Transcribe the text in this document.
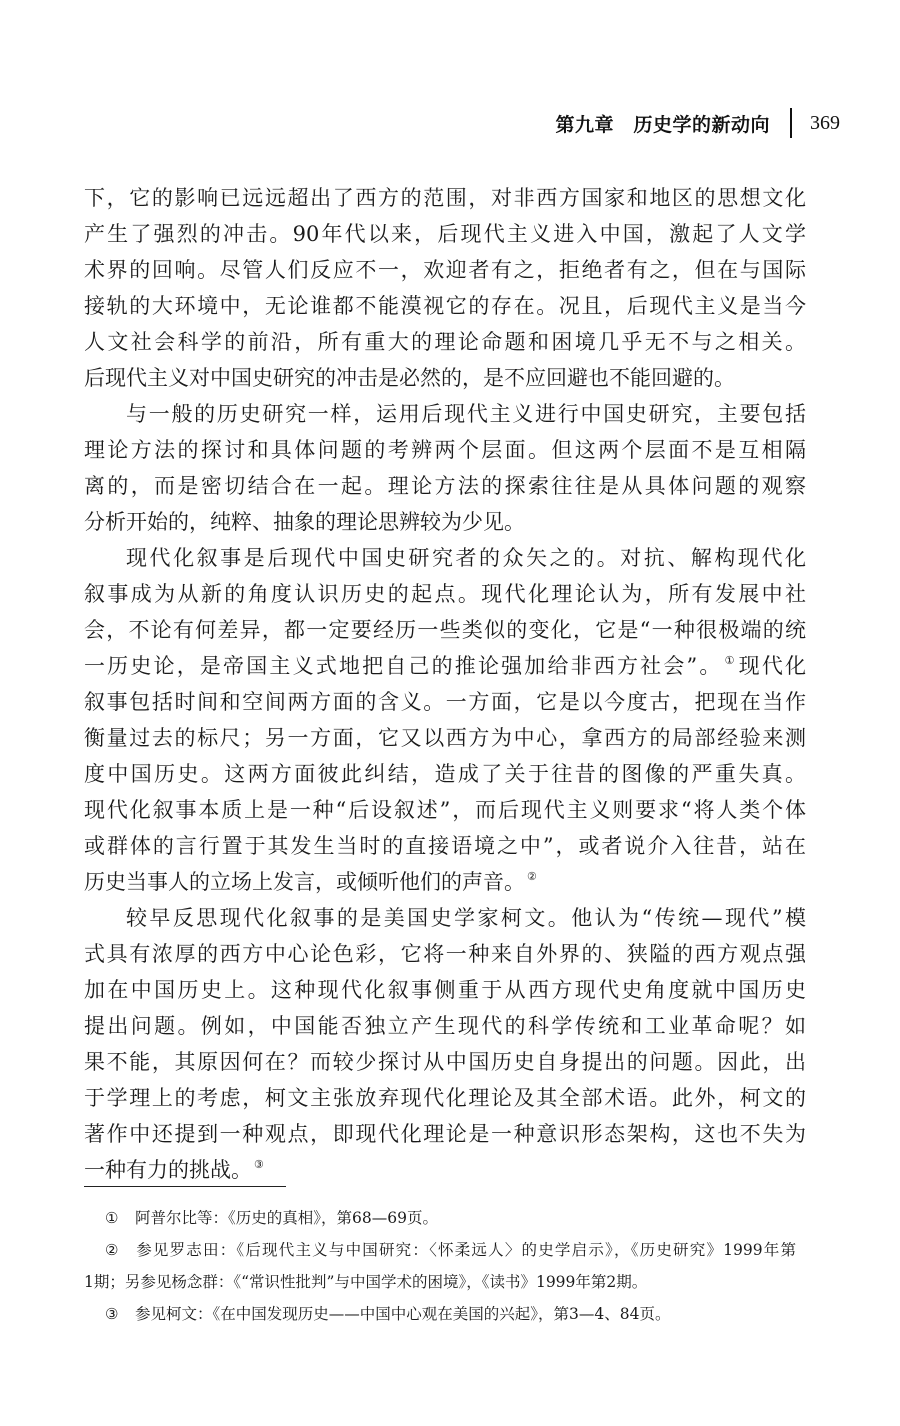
第九章　历史学的新动向 369
下，它的影响已远远超出了西方的范围，对非西方国家和地区的思想文化
产生了强烈的冲击。90年代以来，后现代主义进入中国，激起了人文学
术界的回响。尽管人们反应不一，欢迎者有之，拒绝者有之，但在与国际
接轨的大环境中，无论谁都不能漠视它的存在。况且，后现代主义是当今
人文社会科学的前沿，所有重大的理论命题和困境几乎无不与之相关。
后现代主义对中国史研究的冲击是必然的，是不应回避也不能回避的。
与一般的历史研究一样，运用后现代主义进行中国史研究，主要包括
理论方法的探讨和具体问题的考辨两个层面。但这两个层面不是互相隔
离的，而是密切结合在一起。理论方法的探索往往是从具体问题的观察
分析开始的，纯粹、抽象的理论思辨较为少见。
现代化叙事是后现代中国史研究者的众矢之的。对抗、解构现代化
叙事成为从新的角度认识历史的起点。现代化理论认为，所有发展中社
会，不论有何差异，都一定要经历一些类似的变化，它是“一种很极端的统
一历史论，是帝国主义式地把自己的推论强加给非西方社会”。 ①现代化
叙事包括时间和空间两方面的含义。一方面，它是以今度古，把现在当作
衡量过去的标尺；另一方面，它又以西方为中心，拿西方的局部经验来测
度中国历史。这两方面彼此纠结，造成了关于往昔的图像的严重失真。
现代化叙事本质上是一种“后设叙述”，而后现代主义则要求“将人类个体
或群体的言行置于其发生当时的直接语境之中”，或者说介入往昔，站在
历史当事人的立场上发言，或倾听他们的声音。 ②
较早反思现代化叙事的是美国史学家柯文。他认为“传统—现代”模
式具有浓厚的西方中心论色彩，它将一种来自外界的、狭隘的西方观点强
加在中国历史上。这种现代化叙事侧重于从西方现代史角度就中国历史
提出问题。例如，中国能否独立产生现代的科学传统和工业革命呢？如
果不能，其原因何在？而较少探讨从中国历史自身提出的问题。因此，出
于学理上的考虑，柯文主张放弃现代化理论及其全部术语。此外，柯文的
著作中还提到一种观点，即现代化理论是一种意识形态架构，这也不失为
一种有力的挑战。 ③
① 阿普尔比等：《历史的真相》，第68—69页。
② 参见罗志田：《后现代主义与中国研究：〈怀柔远人〉的史学启示》，《历史研究》1999年第
1期；另参见杨念群：《“常识性批判”与中国学术的困境》，《读书》1999年第2期。
③ 参见柯文：《在中国发现历史——中国中心观在美国的兴起》，第3—4、84页。
